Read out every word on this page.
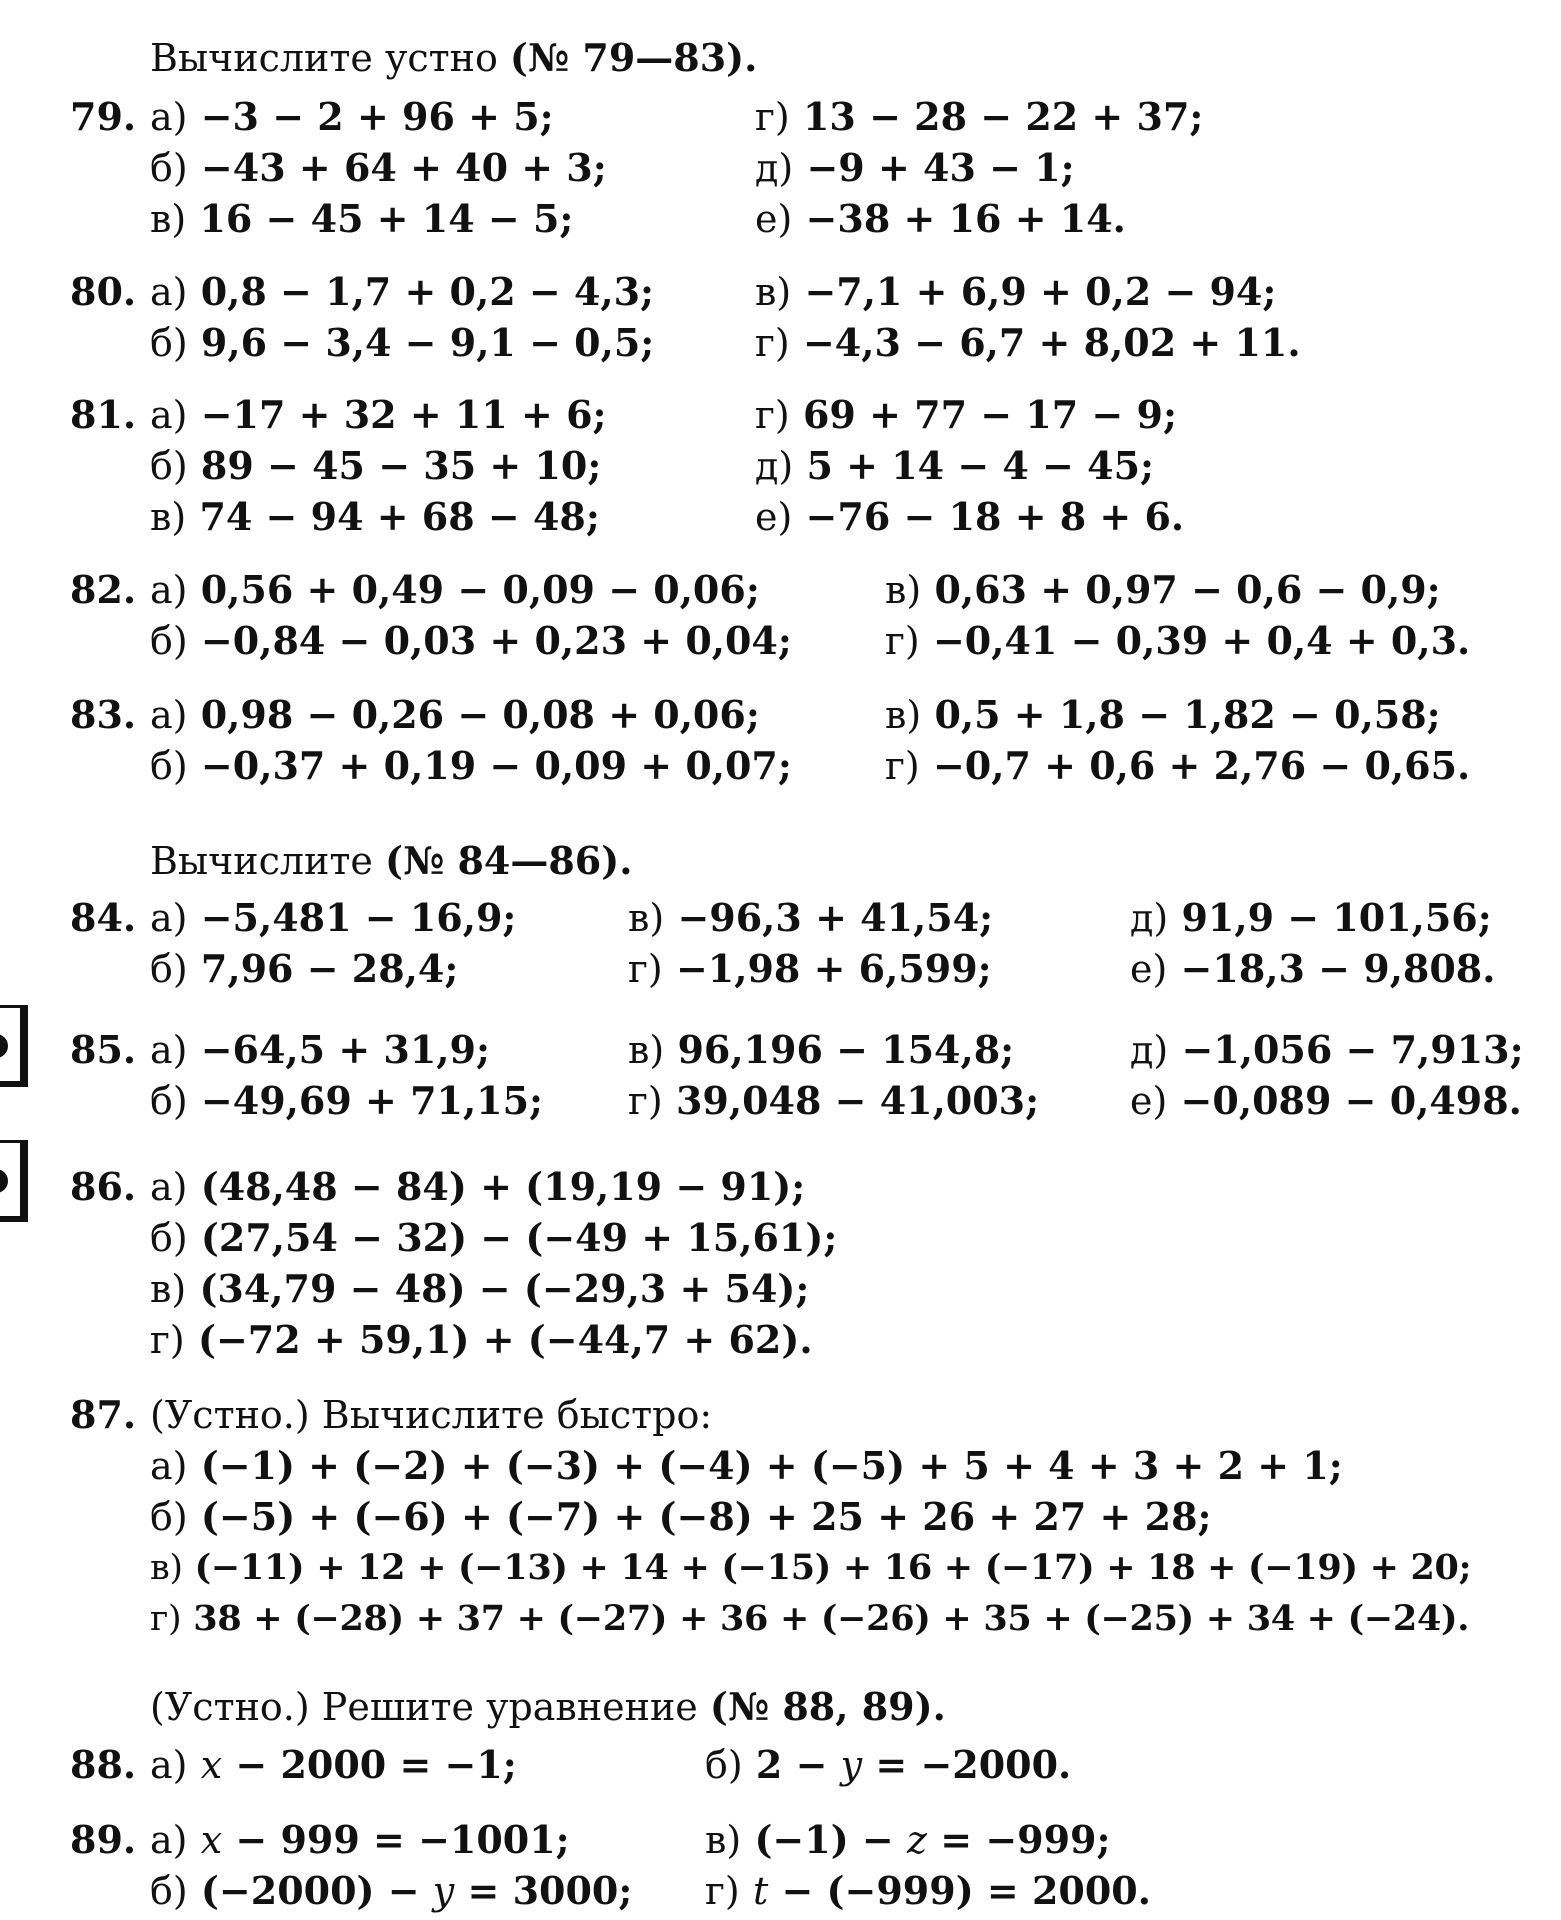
Вычислите устно (№ 79—83).
79. а) −3 − 2 + 96 + 5;	г) 13 − 28 − 22 + 37;
б) −43 + 64 + 40 + 3;	д) −9 + 43 − 1;
в) 16 − 45 + 14 − 5;	е) −38 + 16 + 14.
80. а) 0,8 − 1,7 + 0,2 − 4,3;	в) −7,1 + 6,9 + 0,2 − 94;
б) 9,6 − 3,4 − 9,1 − 0,5;	г) −4,3 − 6,7 + 8,02 + 11.
81. а) −17 + 32 + 11 + 6;	г) 69 + 77 − 17 − 9;
б) 89 − 45 − 35 + 10;	д) 5 + 14 − 4 − 45;
в) 74 − 94 + 68 − 48;	е) −76 − 18 + 8 + 6.
82. а) 0,56 + 0,49 − 0,09 − 0,06;	в) 0,63 + 0,97 − 0,6 − 0,9;
б) −0,84 − 0,03 + 0,23 + 0,04; г) −0,41 − 0,39 + 0,4 + 0,3.
83. а) 0,98 − 0,26 − 0,08 + 0,06;	в) 0,5 + 1,8 − 1,82 − 0,58;
б) −0,37 + 0,19 − 0,09 + 0,07; г) −0,7 + 0,6 + 2,76 − 0,65.
Вычислите (№ 84—86).
84. а) −5,481 − 16,9;	в) −96,3 + 41,54;	д) 91,9 − 101,56;
б) 7,96 − 28,4;	г) −1,98 + 6,599;	е) −18,3 − 9,808.
85. а) −64,5 + 31,9;	в) 96,196 − 154,8;	д) −1,056 − 7,913;
б) −49,69 + 71,15; г) 39,048 − 41,003; е) −0,089 − 0,498.
86. а) (48,48 − 84) + (19,19 − 91);
б) (27,54 − 32) − (−49 + 15,61);
в) (34,79 − 48) − (−29,3 + 54);
г) (−72 + 59,1) + (−44,7 + 62).
87. (Устно.) Вычислите быстро:
а) (−1) + (−2) + (−3) + (−4) + (−5) + 5 + 4 + 3 + 2 + 1;
б) (−5) + (−6) + (−7) + (−8) + 25 + 26 + 27 + 28;
в) (−11) + 12 + (−13) + 14 + (−15) + 16 + (−17) + 18 + (−19) + 20;
г) 38 + (−28) + 37 + (−27) + 36 + (−26) + 35 + (−25) + 34 + (−24).
(Устно.) Решите уравнение (№ 88, 89).
88. а) x − 2000 = −1;	б) 2 − y = −2000.
89. а) x − 999 = −1001;	в) (−1) − z = −999;
б) (−2000) − y = 3000; г) t − (−999) = 2000.
